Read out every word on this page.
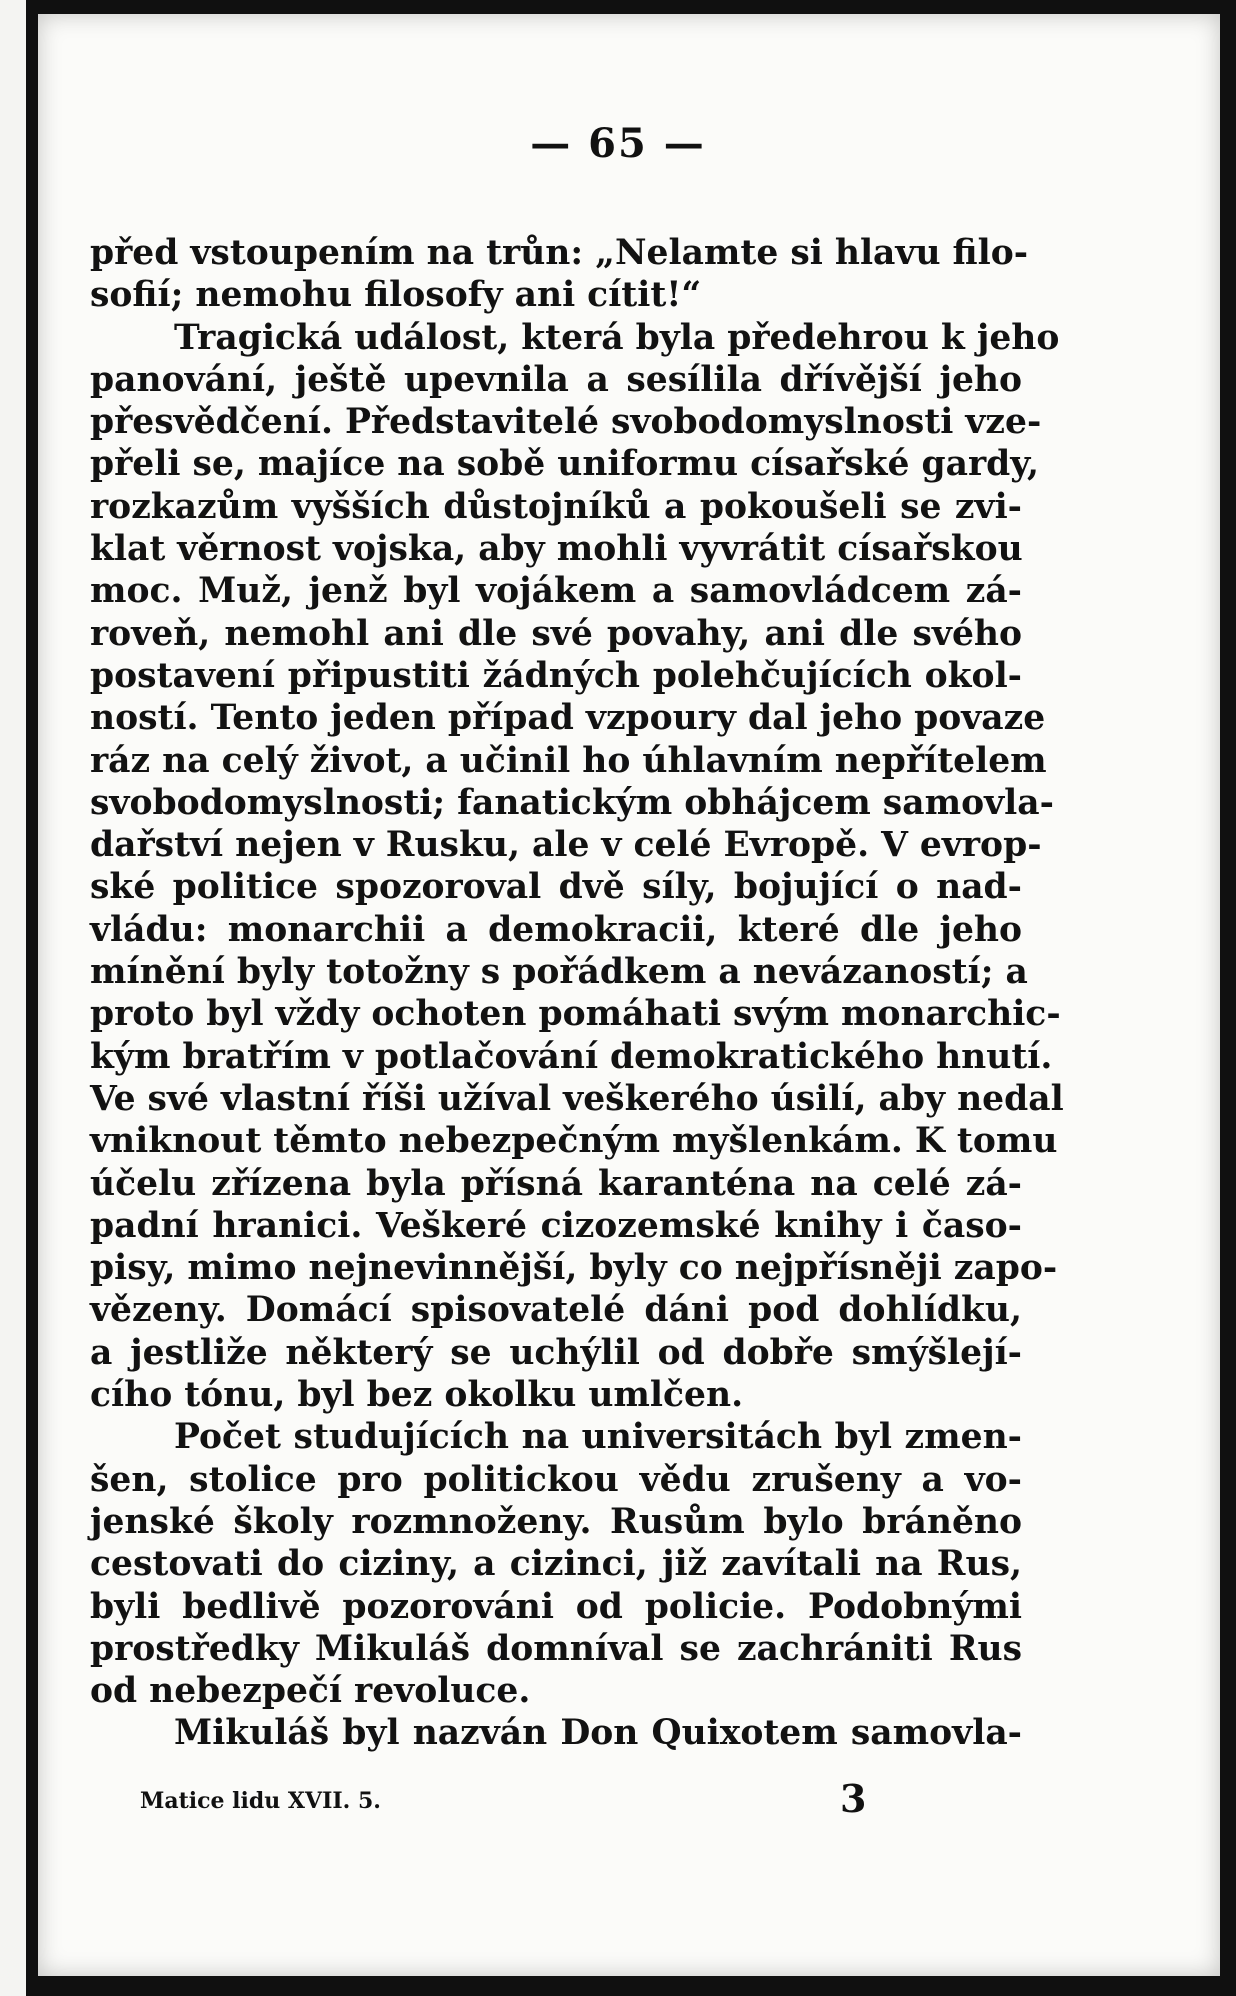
— 65 —
před vstoupením na trůn: „Nelamte si hlavu filo-
sofií; nemohu filosofy ani cítit!“
Tragická událost, která byla předehrou k jeho
panování, ještě upevnila a sesílila dřívější jeho
přesvědčení. Představitelé svobodomyslnosti vze-
přeli se, majíce na sobě uniformu císařské gardy,
rozkazům vyšších důstojníků a pokoušeli se zvi-
klat věrnost vojska, aby mohli vyvrátit císařskou
moc. Muž, jenž byl vojákem a samovládcem zá-
roveň, nemohl ani dle své povahy, ani dle svého
postavení připustiti žádných polehčujících okol-
ností. Tento jeden případ vzpoury dal jeho povaze
ráz na celý život, a učinil ho úhlavním nepřítelem
svobodomyslnosti; fanatickým obhájcem samovla-
dařství nejen v Rusku, ale v celé Evropě. V evrop-
ské politice spozoroval dvě síly, bojující o nad-
vládu: monarchii a demokracii, které dle jeho
mínění byly totožny s pořádkem a nevázaností; a
proto byl vždy ochoten pomáhati svým monarchic-
kým bratřím v potlačování demokratického hnutí.
Ve své vlastní říši užíval veškerého úsilí, aby nedal
vniknout těmto nebezpečným myšlenkám. K tomu
účelu zřízena byla přísná karanténa na celé zá-
padní hranici. Veškeré cizozemské knihy i časo-
pisy, mimo nejnevinnější, byly co nejpřísněji zapo-
vězeny. Domácí spisovatelé dáni pod dohlídku,
a jestliže některý se uchýlil od dobře smýšlejí-
cího tónu, byl bez okolku umlčen.
Počet studujících na universitách byl zmen-
šen, stolice pro politickou vědu zrušeny a vo-
jenské školy rozmnoženy. Rusům bylo bráněno
cestovati do ciziny, a cizinci, již zavítali na Rus,
byli bedlivě pozorováni od policie. Podobnými
prostředky Mikuláš domníval se zachrániti Rus
od nebezpečí revoluce.
Mikuláš byl nazván Don Quixotem samovla-
Matice lidu XVII. 5.	3
